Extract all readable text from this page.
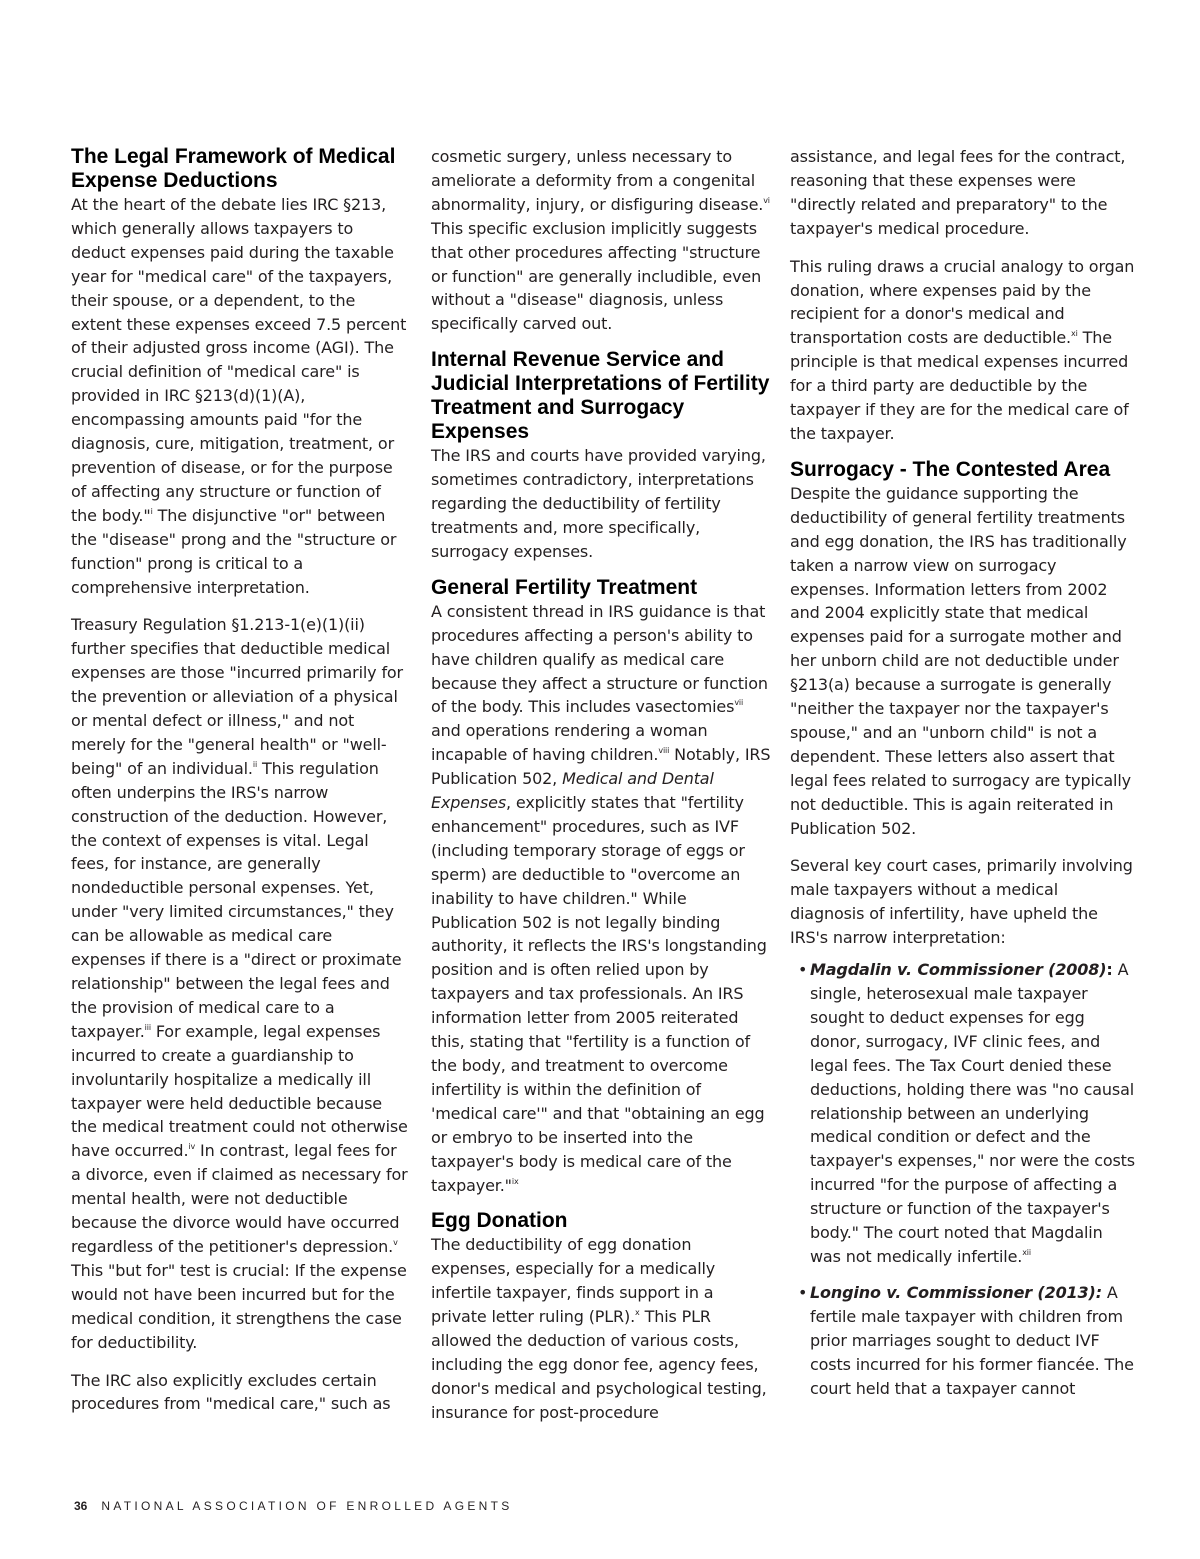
The Legal Framework of Medical Expense Deductions

At the heart of the debate lies IRC §213, which generally allows taxpayers to deduct expenses paid during the taxable year for "medical care" of the taxpayers, their spouse, or a dependent, to the extent these expenses exceed 7.5 percent of their adjusted gross income (AGI). The crucial definition of "medical care" is provided in IRC §213(d)(1)(A), encompassing amounts paid "for the diagnosis, cure, mitigation, treatment, or prevention of disease, or for the purpose of affecting any structure or function of the body."$^i$ The disjunctive "or" between the "disease" prong and the "structure or function" prong is critical to a comprehensive interpretation.

Treasury Regulation §1.213-1(e)(1)(ii) further specifies that deductible medical expenses are those "incurred primarily for the prevention or alleviation of a physical or mental defect or illness," and not merely for the "general health" or "well-being" of an individual.$^{ii}$ This regulation often underpins the IRS's narrow construction of the deduction. However, the context of expenses is vital. Legal fees, for instance, are generally nondeductible personal expenses. Yet, under "very limited circumstances," they can be allowable as medical care expenses if there is a "direct or proximate relationship" between the legal fees and the provision of medical care to a taxpayer.$^{iii}$ For example, legal expenses incurred to create a guardianship to involuntarily hospitalize a medically ill taxpayer were held deductible because the medical treatment could not otherwise have occurred.$^{iv}$ In contrast, legal fees for a divorce, even if claimed as necessary for mental health, were not deductible because the divorce would have occurred regardless of the petitioner's depression.$^v$ This "but for" test is crucial: If the expense would not have been incurred but for the medical condition, it strengthens the case for deductibility.

The IRC also explicitly excludes certain procedures from "medical care," such as

cosmetic surgery, unless necessary to ameliorate a deformity from a congenital abnormality, injury, or disfiguring disease.$^{vi}$ This specific exclusion implicitly suggests that other procedures affecting "structure or function" are generally includible, even without a "disease" diagnosis, unless specifically carved out.

Internal Revenue Service and Judicial Interpretations of Fertility Treatment and Surrogacy Expenses

The IRS and courts have provided varying, sometimes contradictory, interpretations regarding the deductibility of fertility treatments and, more specifically, surrogacy expenses.

General Fertility Treatment

A consistent thread in IRS guidance is that procedures affecting a person's ability to have children qualify as medical care because they affect a structure or function of the body. This includes vasectomies$^{vii}$ and operations rendering a woman incapable of having children.$^{viii}$ Notably, IRS Publication 502, Medical and Dental Expenses, explicitly states that "fertility enhancement" procedures, such as IVF (including temporary storage of eggs or sperm) are deductible to "overcome an inability to have children." While Publication 502 is not legally binding authority, it reflects the IRS's longstanding position and is often relied upon by taxpayers and tax professionals. An IRS information letter from 2005 reiterated this, stating that "fertility is a function of the body, and treatment to overcome infertility is within the definition of 'medical care'" and that "obtaining an egg or embryo to be inserted into the taxpayer's body is medical care of the taxpayer."$^{ix}$

Egg Donation

The deductibility of egg donation expenses, especially for a medically infertile taxpayer, finds support in a private letter ruling (PLR).$^x$ This PLR allowed the deduction of various costs, including the egg donor fee, agency fees, donor's medical and psychological testing, insurance for post-procedure

assistance, and legal fees for the contract, reasoning that these expenses were "directly related and preparatory" to the taxpayer's medical procedure.

This ruling draws a crucial analogy to organ donation, where expenses paid by the recipient for a donor's medical and transportation costs are deductible.$^{xi}$ The principle is that medical expenses incurred for a third party are deductible by the taxpayer if they are for the medical care of the taxpayer.

Surrogacy - The Contested Area

Despite the guidance supporting the deductibility of general fertility treatments and egg donation, the IRS has traditionally taken a narrow view on surrogacy expenses. Information letters from 2002 and 2004 explicitly state that medical expenses paid for a surrogate mother and her unborn child are not deductible under §213(a) because a surrogate is generally "neither the taxpayer nor the taxpayer's spouse," and an "unborn child" is not a dependent. These letters also assert that legal fees related to surrogacy are typically not deductible. This is again reiterated in Publication 502.

Several key court cases, primarily involving male taxpayers without a medical diagnosis of infertility, have upheld the IRS's narrow interpretation:

• Magdalin v. Commissioner (2008): A single, heterosexual male taxpayer sought to deduct expenses for egg donor, surrogacy, IVF clinic fees, and legal fees. The Tax Court denied these deductions, holding there was "no causal relationship between an underlying medical condition or defect and the taxpayer's expenses," nor were the costs incurred "for the purpose of affecting a structure or function of the taxpayer's body." The court noted that Magdalin was not medically infertile.$^{xii}$
• Longino v. Commissioner (2013): A fertile male taxpayer with children from prior marriages sought to deduct IVF costs incurred for his former fiancée. The court held that a taxpayer cannot
36 NATIONAL ASSOCIATION OF ENROLLED AGENTS
